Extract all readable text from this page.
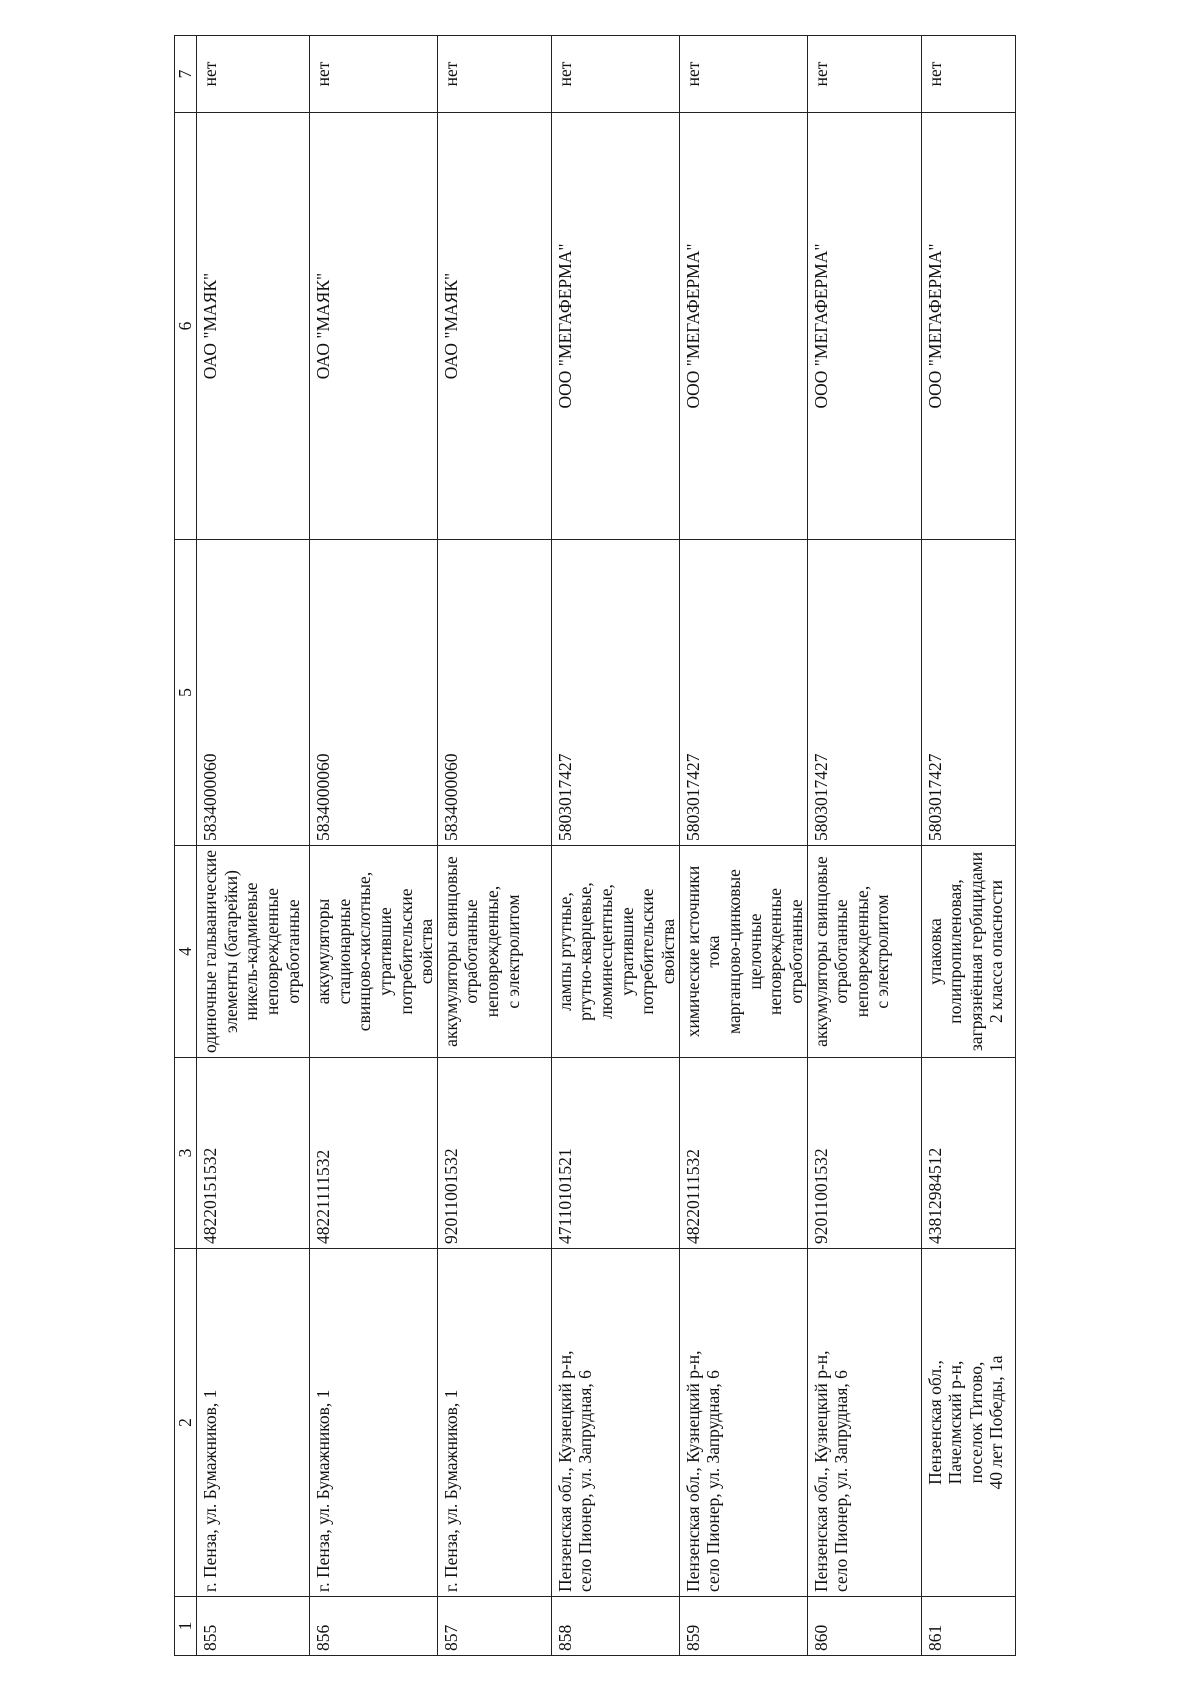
1	2	3	4	5	6	7
855	г. Пенза, ул. Бумажников, 1	48220151532	одиночные гальванические элементы (батарейки) никель-кадмиевые неповрежденные отработанные	5834000060	ОАО "МАЯК"	нет
856	г. Пенза, ул. Бумажников, 1	48221111532	аккумуляторы стационарные свинцово-кислотные, утратившие потребительские свойства	5834000060	ОАО "МАЯК"	нет
857	г. Пенза, ул. Бумажников, 1	92011001532	аккумуляторы свинцовые отработанные неповрежденные, с электролитом	5834000060	ОАО "МАЯК"	нет
858	Пензенская обл., Кузнецкий р-н, село Пионер, ул. Запрудная, 6	47110101521	лампы ртутные, ртутно-кварцевые, люминесцентные, утратившие потребительские свойства	5803017427	ООО "МЕГАФЕРМА"	нет
859	Пензенская обл., Кузнецкий р-н, село Пионер, ул. Запрудная, 6	48220111532	химические источники тока марганцово-цинковые щелочные неповрежденные отработанные	5803017427	ООО "МЕГАФЕРМА"	нет
860	Пензенская обл., Кузнецкий р-н, село Пионер, ул. Запрудная, 6	92011001532	аккумуляторы свинцовые отработанные неповрежденные, с электролитом	5803017427	ООО "МЕГАФЕРМА"	нет
861	Пензенская обл., Пачелмский р-н, поселок Титово, 40 лет Победы, 1а	43812984512	упаковка полипропиленовая, загрязнённая гербицидами 2 класса опасности	5803017427	ООО "МЕГАФЕРМА"	нет
